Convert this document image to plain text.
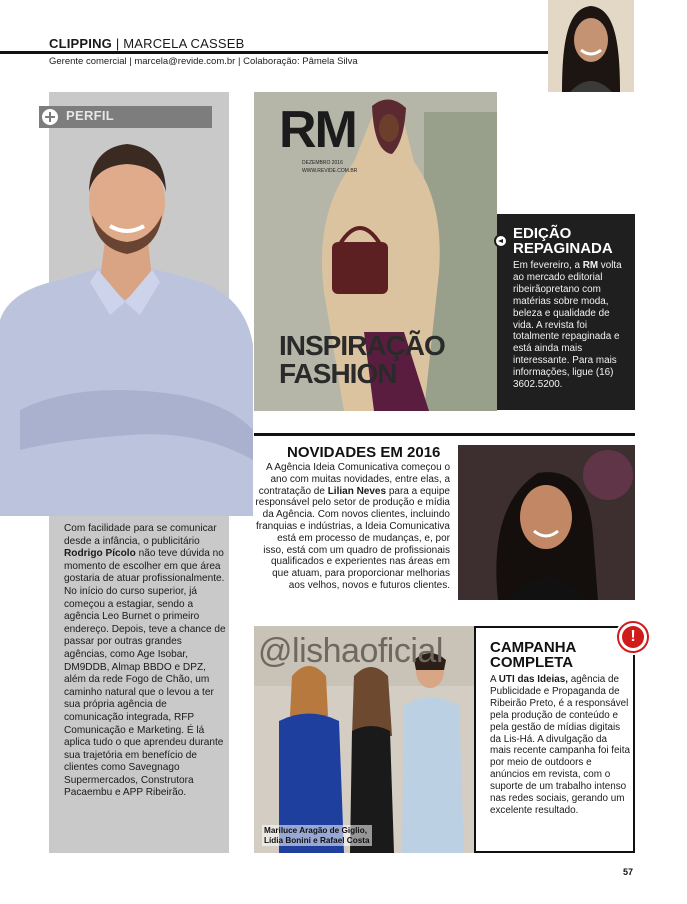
CLIPPING | MARCELA CASSEB
Gerente comercial | marcela@revide.com.br | Colaboração: Pâmela Silva
PERFIL
Com facilidade para se comunicar desde a infância, o publicitário Rodrigo Pícolo não teve dúvida no momento de escolher em que área gostaria de atuar profissionalmente. No início do curso superior, já começou a estagiar, sendo a agência Leo Burnet o primeiro endereço. Depois, teve a chance de passar por outras grandes agências, como Age Isobar, DM9DDB, Almap BBDO e DPZ, além da rede Fogo de Chão, um caminho natural que o levou a ter sua própria agência de comunicação integrada, RFP Comunicação e Marketing. É lá aplica tudo o que aprendeu durante sua trajetória em benefício de clientes como Savegnago Supermercados, Construtora Pacaembu e APP Ribeirão.
RM
DEZEMBRO 2016
WWW.REVIDE.COM.BR
INSPIRAÇÃO
FASHION
EDIÇÃO REPAGINADA
Em fevereiro, a RM volta ao mercado editorial ribeirãopretano com matérias sobre moda, beleza e qualidade de vida. A revista foi totalmente repaginada e está ainda mais interessante. Para mais informações, ligue (16) 3602.5200.
NOVIDADES EM 2016
A Agência Ideia Comunicativa começou o ano com muitas novidades, entre elas, a contratação de Lilian Neves para a equipe responsável pelo setor de produção e mídia da Agência. Com novos clientes, incluindo franquias e indústrias, a Ideia Comunicativa está em processo de mudanças, e, por isso, está com um quadro de profissionais qualificados e experientes nas áreas em que atuam, para proporcionar melhorias aos velhos, novos e futuros clientes.
@lishaoficial
Mariluce Aragão de Giglio,
Lídia Bonini e Rafael Costa
!
CAMPANHA COMPLETA
A UTI das Ideias, agência de Publicidade e Propaganda de Ribeirão Preto, é a responsável pela produção de conteúdo e pela gestão de mídias digitais da Lis-Há. A divulgação da mais recente campanha foi feita por meio de outdoors e anúncios em revista, com o suporte de um trabalho intenso nas redes sociais, gerando um excelente resultado.
57
